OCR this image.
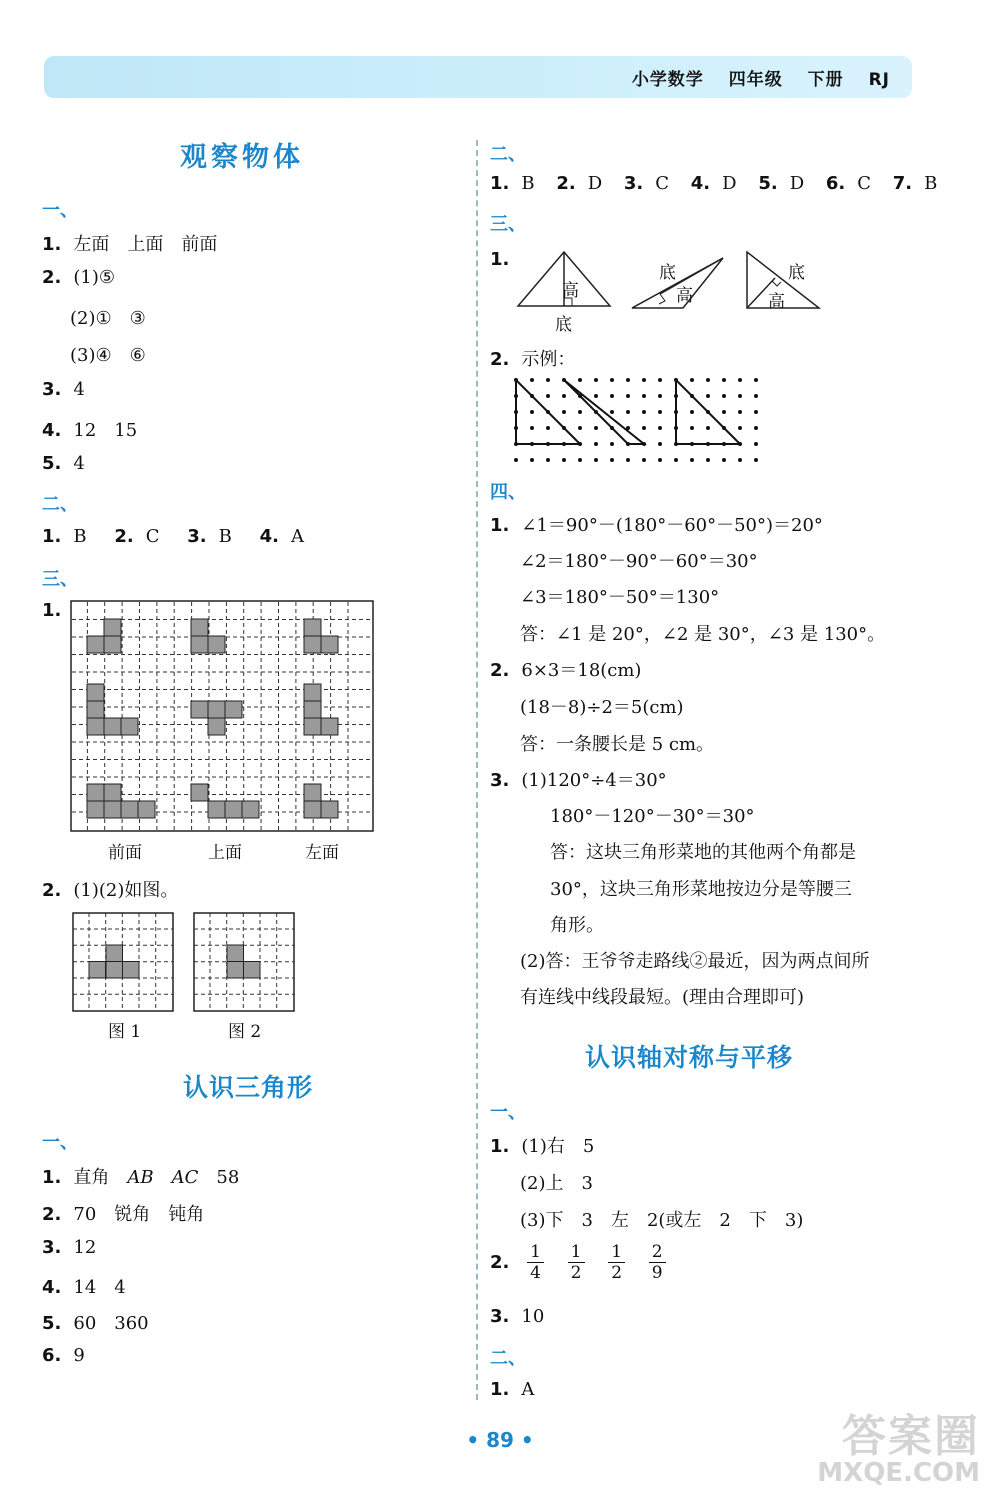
小学数学 四年级 下册 RJ
观察物体
一、
1. 左面　上面　前面
2. (1)⑤
(2)①　③
(3)④　⑥
3. 4
4. 12　15
5. 4
二、
1. B 2. C 3. B 4. A
三、
1.
前面	上面	左面
2. (1)(2)如图。
图 1	图 2
认识三角形
一、
1. 直角 AB AC 58
2. 70　锐角　钝角
3. 12
4. 14　4
5. 60　360
6. 9
二、
1. B 2. D 3. C 4. D 5. D 6. C 7. B
三、
1.
高
底
底
高
底
高
2. 示例：
四、
1. ∠1＝90°－(180°－60°－50°)＝20°
∠2＝180°－90°－60°＝30°
∠3＝180°－50°＝130°
答：∠1 是 20°，∠2 是 30°，∠3 是 130°。
2. 6×3＝18(cm)
(18－8)÷2＝5(cm)
答：一条腰长是 5 cm。
3. (1)120°÷4＝30°
180°－120°－30°＝30°
答：这块三角形菜地的其他两个角都是
30°，这块三角形菜地按边分是等腰三
角形。
(2)答：王爷爷走路线②最近，因为两点间所
有连线中线段最短。(理由合理即可)
认识轴对称与平移
一、
1. (1)右　5
(2)上　3
(3)下　3　左　2(或左　2　下　3)
2. $\frac{1}{4}$
$\frac{1}{2}$
$\frac{1}{2}$
$\frac{2}{9}$
3. 10
二、
1. A
• 89 •	答案圈
MXQE.COM
